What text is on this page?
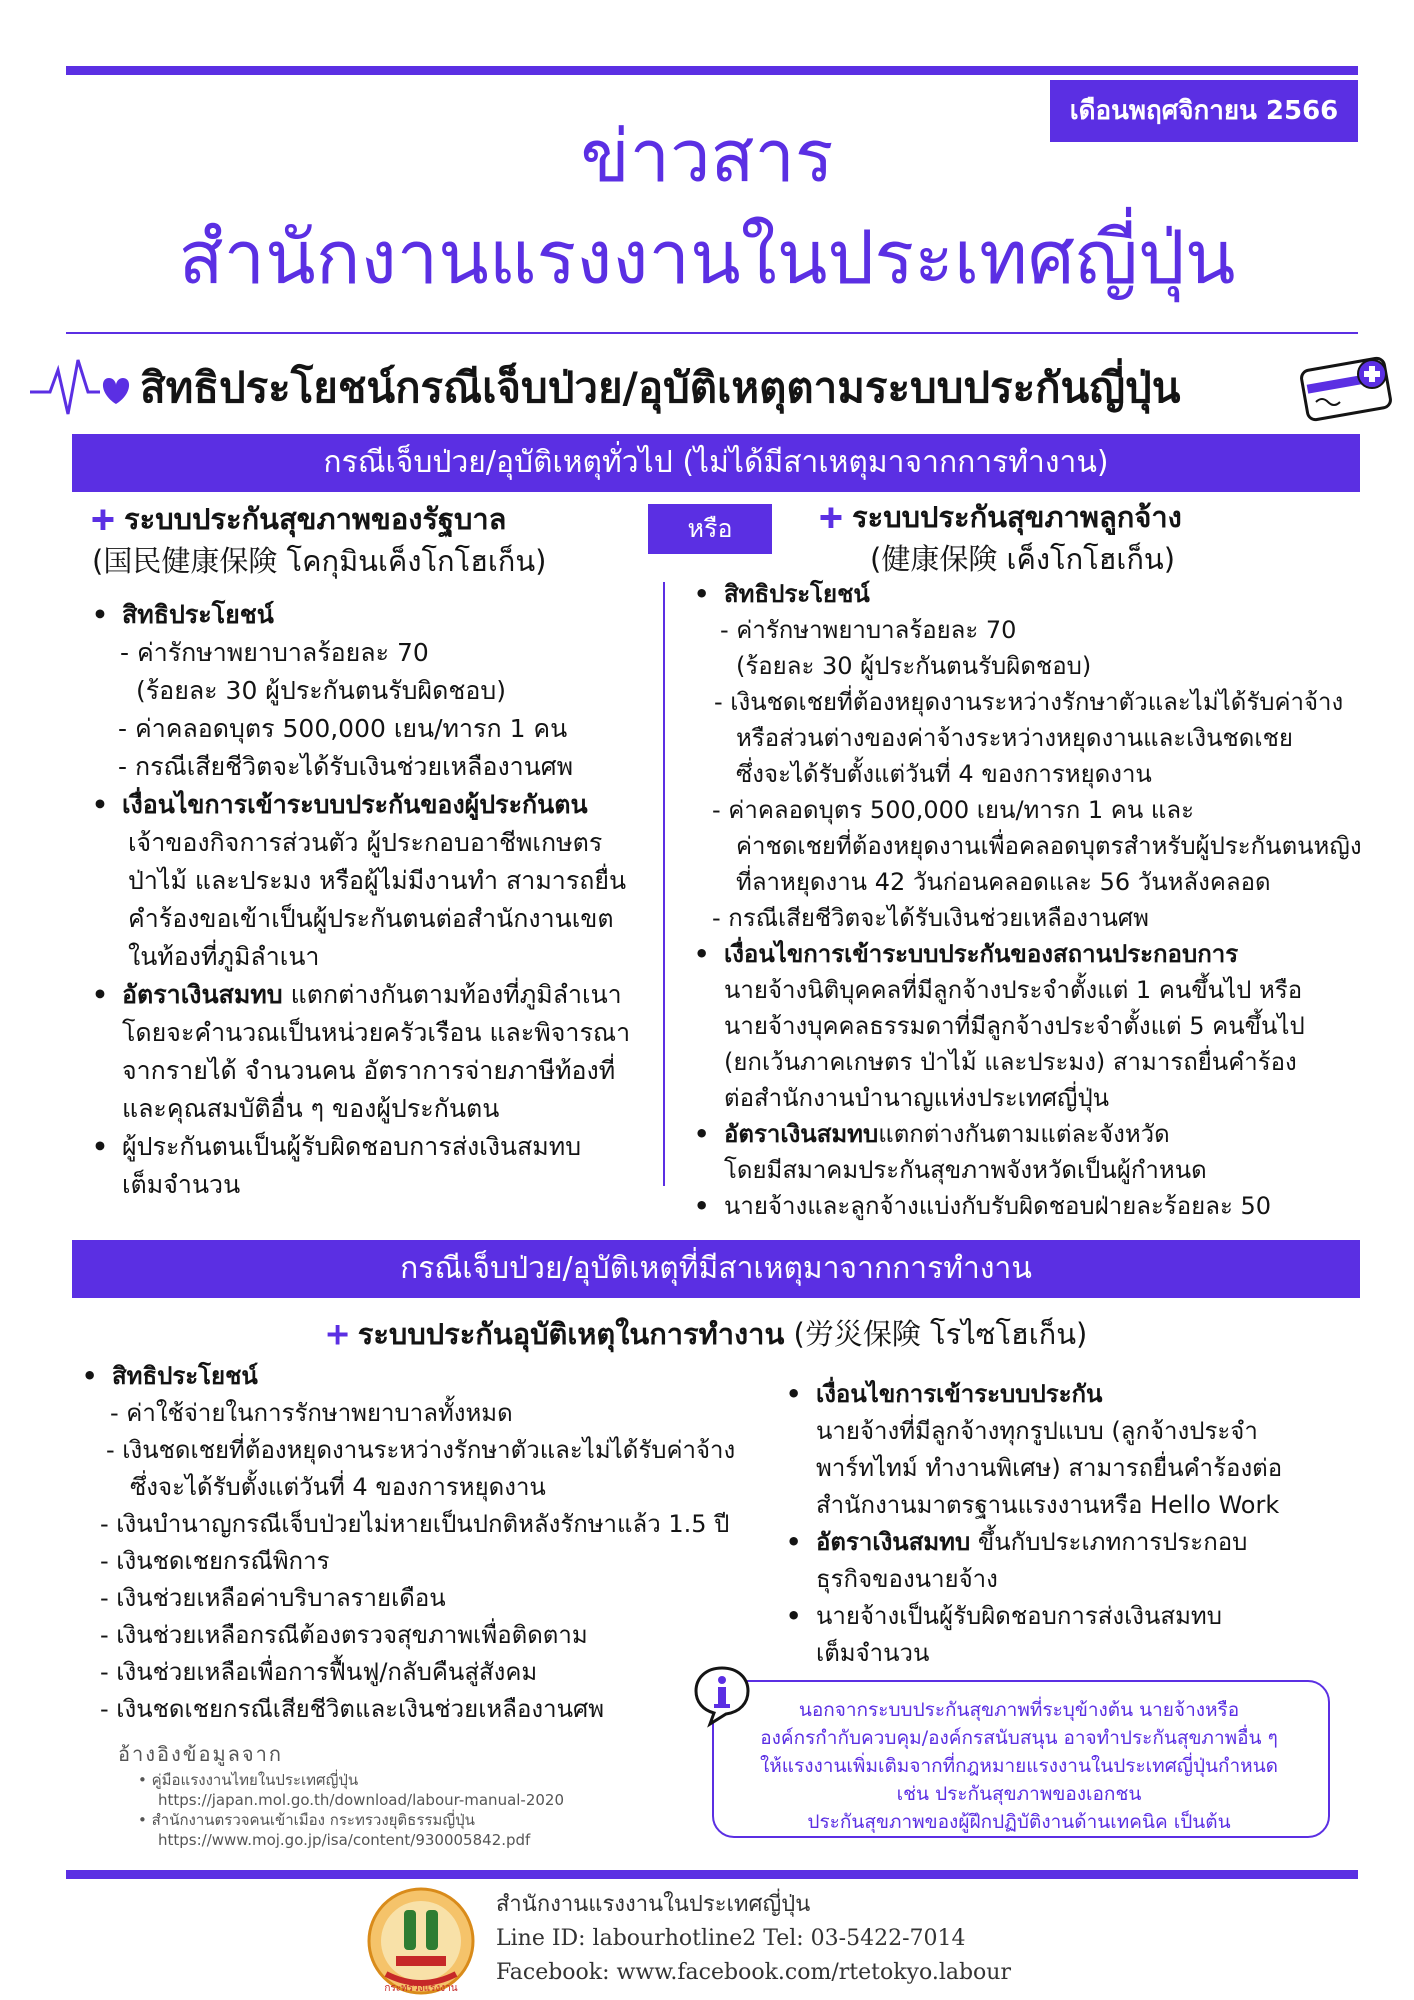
เดือนพฤศจิกายน 2566
ข่าวสาร
สำนักงานแรงงานในประเทศญี่ปุ่น
สิทธิประโยชน์กรณีเจ็บป่วย/อุบัติเหตุตามระบบประกันญี่ปุ่น
กรณีเจ็บป่วย/อุบัติเหตุทั่วไป (ไม่ได้มีสาเหตุมาจากการทำงาน)
หรือ

➕︎ ระบบประกันสุขภาพของรัฐบาล

(国民健康保険 โคกุมินเค็งโกโฮเก็น)

➕︎ ระบบประกันสุขภาพลูกจ้าง

(健康保険 เค็งโกโฮเก็น)

• สิทธิประโยชน์

- ค่ารักษาพยาบาลร้อยละ 70

(ร้อยละ 30 ผู้ประกันตนรับผิดชอบ)

- ค่าคลอดบุตร 500,000 เยน/ทารก 1 คน

- กรณีเสียชีวิตจะได้รับเงินช่วยเหลืองานศพ

• เงื่อนไขการเข้าระบบประกันของผู้ประกันตน

เจ้าของกิจการส่วนตัว ผู้ประกอบอาชีพเกษตร

ป่าไม้ และประมง หรือผู้ไม่มีงานทำ สามารถยื่น

คำร้องขอเข้าเป็นผู้ประกันตนต่อสำนักงานเขต

ในท้องที่ภูมิลำเนา

• อัตราเงินสมทบ แตกต่างกันตามท้องที่ภูมิลำเนา

โดยจะคำนวณเป็นหน่วยครัวเรือน และพิจารณา

จากรายได้ จำนวนคน อัตราการจ่ายภาษีท้องที่

และคุณสมบัติอื่น ๆ ของผู้ประกันตน

• ผู้ประกันตนเป็นผู้รับผิดชอบการส่งเงินสมทบ

เต็มจำนวน

• สิทธิประโยชน์

- ค่ารักษาพยาบาลร้อยละ 70

(ร้อยละ 30 ผู้ประกันตนรับผิดชอบ)

- เงินชดเชยที่ต้องหยุดงานระหว่างรักษาตัวและไม่ได้รับค่าจ้าง

หรือส่วนต่างของค่าจ้างระหว่างหยุดงานและเงินชดเชย

ซึ่งจะได้รับตั้งแต่วันที่ 4 ของการหยุดงาน

- ค่าคลอดบุตร 500,000 เยน/ทารก 1 คน และ

ค่าชดเชยที่ต้องหยุดงานเพื่อคลอดบุตรสำหรับผู้ประกันตนหญิง

ที่ลาหยุดงาน 42 วันก่อนคลอดและ 56 วันหลังคลอด

- กรณีเสียชีวิตจะได้รับเงินช่วยเหลืองานศพ

• เงื่อนไขการเข้าระบบประกันของสถานประกอบการ

นายจ้างนิติบุคคลที่มีลูกจ้างประจำตั้งแต่ 1 คนขึ้นไป หรือ

นายจ้างบุคคลธรรมดาที่มีลูกจ้างประจำตั้งแต่ 5 คนขึ้นไป

(ยกเว้นภาคเกษตร ป่าไม้ และประมง) สามารถยื่นคำร้อง

ต่อสำนักงานบำนาญแห่งประเทศญี่ปุ่น

• อัตราเงินสมทบแตกต่างกันตามแต่ละจังหวัด

โดยมีสมาคมประกันสุขภาพจังหวัดเป็นผู้กำหนด

• นายจ้างและลูกจ้างแบ่งกับรับผิดชอบฝ่ายละร้อยละ 50

กรณีเจ็บป่วย/อุบัติเหตุที่มีสาเหตุมาจากการทำงาน
➕︎ ระบบประกันอุบัติเหตุในการทำงาน (労災保険 โรไซโฮเก็น)

• สิทธิประโยชน์

- ค่าใช้จ่ายในการรักษาพยาบาลทั้งหมด

- เงินชดเชยที่ต้องหยุดงานระหว่างรักษาตัวและไม่ได้รับค่าจ้าง

ซึ่งจะได้รับตั้งแต่วันที่ 4 ของการหยุดงาน

- เงินบำนาญกรณีเจ็บป่วยไม่หายเป็นปกติหลังรักษาแล้ว 1.5 ปี

- เงินชดเชยกรณีพิการ

- เงินช่วยเหลือค่าบริบาลรายเดือน

- เงินช่วยเหลือกรณีต้องตรวจสุขภาพเพื่อติดตาม

- เงินช่วยเหลือเพื่อการฟื้นฟู/กลับคืนสู่สังคม

- เงินชดเชยกรณีเสียชีวิตและเงินช่วยเหลืองานศพ

• เงื่อนไขการเข้าระบบประกัน

นายจ้างที่มีลูกจ้างทุกรูปแบบ (ลูกจ้างประจำ

พาร์ทไทม์ ทำงานพิเศษ) สามารถยื่นคำร้องต่อ

สำนักงานมาตรฐานแรงงานหรือ Hello Work

• อัตราเงินสมทบ ขึ้นกับประเภทการประกอบ

ธุรกิจของนายจ้าง

• นายจ้างเป็นผู้รับผิดชอบการส่งเงินสมทบ

เต็มจำนวน

นอกจากระบบประกันสุขภาพที่ระบุข้างต้น นายจ้างหรือ

องค์กรกำกับควบคุม/องค์กรสนับสนุน อาจทำประกันสุขภาพอื่น ๆ

ให้แรงงานเพิ่มเติมจากที่กฎหมายแรงงานในประเทศญี่ปุ่นกำหนด

เช่น ประกันสุขภาพของเอกชน

ประกันสุขภาพของผู้ฝึกปฏิบัติงานด้านเทคนิค เป็นต้น

อ้างอิงข้อมูลจาก

• คู่มือแรงงานไทยในประเทศญี่ปุ่น

https://japan.mol.go.th/download/labour-manual-2020

• สำนักงานตรวจคนเข้าเมือง กระทรวงยุติธรรมญี่ปุ่น

https://www.moj.go.jp/isa/content/930005842.pdf

กระทรวงแรงงาน

สำนักงานแรงงานในประเทศญี่ปุ่น

Line ID: labourhotline2 Tel: 03-5422-7014

Facebook: www.facebook.com/rtetokyo.labour
